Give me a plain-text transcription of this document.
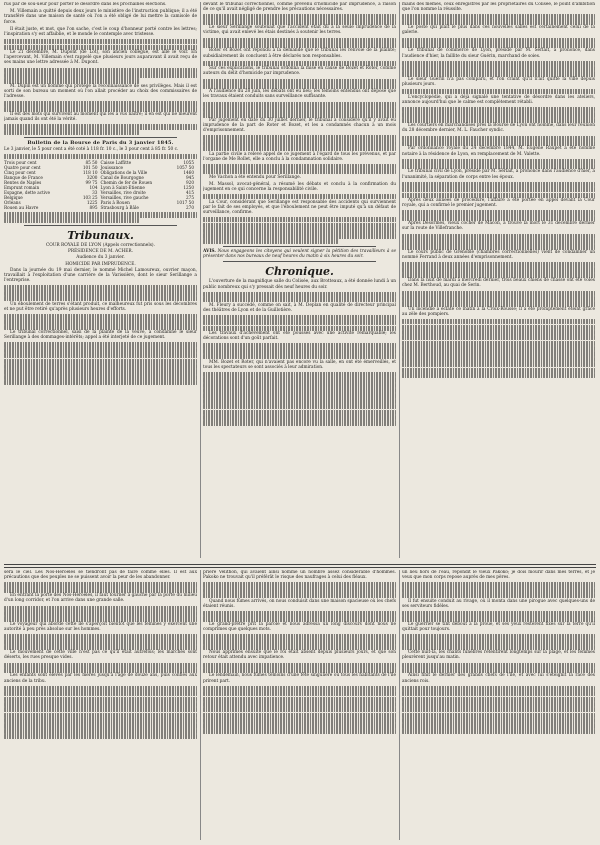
rus par de sou-ueur pour porter le désordre dans les prochaines élections.

M. Villemain a quitté depuis deux jours le ministère de l'instruction publique; il a été transféré dans une maison de santé où l'on a été obligé de lui mettre la camisole de force.

Il était juste, et mot, que l'on sache, c'est le coup d'honneur porté contre les lettres; l'inspiration s'y est affaiblie, et le monde le contemple avec tristesse.

Le 21 décembre, M. Dupont (de Lot), son ancien collègue, est allé le voir. En l'apercevant, M. Villemain s'est rappelé que plusieurs jours auparavant il avait reçu de ses mains une lettre adressée à M. Dupont.

M. Dupin est un homme qui protège la reconnaissance de ses privilèges. Mais il est sorti de son bureau un moment où l'on allait procéder au choix des commissaires de l'adresse.

Il est des mots qui survivent au moment qui les a vus naître; il en est qui ne meurent jamais quand ils ont été la vérité.

Bulletin de la Bourse de Paris du 3 janvier 1845.

Le 3 janvier, le 5 pour cent a été coté à 118 fr. 10 c., le 3 pour cent à 85 fr. 50 c.

Trois pour cent	85 50	Caisse Laffitte	1055
Quatre pour cent	101 50	Jouissance	1057 50
Cinq pour cent	118 10	Obligations de la Ville	1460
Banque de France	3200	Canal de Bourgogne	945
Rentes de Naples	99 75	Chemin de fer de Rouen	920
Emprunt romain	104	Lyon à Saint-Etienne	1250
Espagne, dette active	33	Versailles, rive droite	415
Belgique	103 25	Versailles, rive gauche	275
Orléans	1225	Paris à Rouen	1017 50
Rouen au Havre	895	Strasbourg à Bâle	270
Tribunaux.
COUR ROYALE DE LYON (Appels correctionnels).
PRÉSIDENCE DE M. ACHER.
Audience du 3 janvier.
HOMICIDE PAR IMPRUDENCE.

Dans la journée du 19 mai dernier, le nommé Michel Lamoureux, ouvrier maçon, travaillait à l'exploitation d'une carrière de la Varissière, dont le sieur Serillange a l'entreprise.

Un éboulement de terres s'étant produit, ce malheureux fut pris sous les décombres et ne put être retiré qu'après plusieurs heures d'efforts.

Le tribunal correctionnel, saisi de la plainte de la veuve, a condamné le sieur Serillange à des dommages-intérêts; appel a été interjeté de ce jugement.

devant le tribunal correctionnel, comme prévenu d'homicide par imprudence, à raison de ce qu'il avait négligé de prendre les précautions nécessaires.

Le sieur Serillange soutenait que l'accident était dû à la seule imprudence de la victime, qui avait enlevé les étais destinés à soutenir les terres.

Roter et Bozet ont répondu à la demande que le tribunal les renvoie de la plainte; subsidiairement ils concluent à être déclarés non responsables.

Sur ces explications, le tribunal ordonna la mise en cause de Bozet et Roter, comme auteurs du délit d'homicide par imprudence.

À l'audience du 28 juin, les débats ont eu lieu; les témoins entendus ont déposé que les travaux étaient conduits sans surveillance suffisante.

Par jugement en date du 30 juillet dernier, le tribunal a considéré qu'il y avait eu imprudence de la part de Roter et Bozet, et les a condamnés chacun à un mois d'emprisonnement.

La partie civile a relevé appel de ce jugement à l'égard de tous les prévenus, et par l'organe de Me Rollet, elle a conclu à la condamnation solidaire.

Me Vachon a été entendu pour Serillange.

M. Massol, avocat-général, a résumé les débats et conclu à la confirmation du jugement en ce qui concerne la responsabilité civile.

La Cour, considérant que Serillange est responsable des accidents qui surviennent par le fait de ses employés, et que l'éboulement ne peut être imputé qu'à un défaut de surveillance, confirme.

AVIS. Nous engageons les citoyens qui veulent signer la pétition des travailleurs à se présenter dans nos bureaux de neuf heures du matin à six heures du soir.

Chronique.

L'ouverture de la magnifique salle du Colisée, aux Brotteaux, a été donnée lundi à un public nombreux qui s'y pressait dès neuf heures du soir.

M. Fleury a succédé, comme on sait, à M. Deplan en qualité de directeur principal des théâtres de Lyon et de la Guillotière.

Les travaux d'achèvement ont été poussés avec une activité remarquable; les décorations sont d'un goût parfait.

MM. Bozet et Roter, qui n'avaient pas encore vu la salle, en ont été émerveillés, et tous les spectateurs se sont associés à leur admiration.

mains des mêmes, ceux enregistrés par les propriétaires du Colisée, le point d'ambition que l'on nomme la réussite.

Le poste qui plaît le plus dans ces nouvelles salles est certainement celui de la galerie.

Le tribunal de commerce de Lyon, présidé par M. Sérlait, a prononcé, dans l'audience d'hier, la faillite du sieur Guérin, marchand de soies.

Le sieur Guérin n'a pas comparu, et l'on craint qu'il n'ait quitté la ville depuis plusieurs jours.

L'encyclopédie, qui a déjà signalé une tentative de désordre dans les ateliers, annonce aujourd'hui que le calme est complètement rétabli.

Les courtiers en marchandises près la Bourse de Lyon ont nommé, dans leur réunion du 28 décembre dernier, M. L. Faucher syndic.

Par ordonnance royale du 24 décembre 1844, M. Eugène Raupet a été nommé notaire à la résidence de Lyon, en remplacement de M. Valette.

Le tribunal civil de Lyon, présidé par M. Sérlait, a prononcé dans l'audience d'hier, à l'unanimité, la séparation de corps entre les époux.

Après deux années de procédure, l'affaire a été portée en appel devant la Cour royale, qui a confirmé le premier jugement.

Apres Desormes, vieux cocher de Mâcon, a trouvé la mort le 31 décembre dernier sur la route de Villefranche.

Le cours public de Grenoble (chambres correctionnelles) vient de condamner un nommé Ferrand à deux années d'emprisonnement.

Dans la nuit de mardi à mercredi dernier, trois beaux chiens de chasse ont été volés chez M. Berthoud, au quai de Serin.

Un incendie a éclaté ce matin à la Croix-Rousse; il a été promptement éteint grâce au zèle des pompiers.

sera le ciel. Les Nos-Heroeles se tiendront pas de faire comme elles. Il est aux précautions que des peuples ne se puissent avoir la peur de les abandonner.

En entrant la porte des Nos-Heroeles, il faut tourner à gauche par la porte du milieu d'un long corridor, et l'on arrive dans une grande salle.

Le voyageur qui aborde cette île s'aperçoit bientôt que les femmes y exercent une autorité à peu près absolue sur les hommes.

Le mouvement de cette ville n'est pas ce qu'il était autrefois; les marchés sont déserts, les rues presque vides.

Les enfants sont élevés par les mères jusqu'à l'âge de douze ans, puis confiés aux anciens de la tribu.

prière Vélithon, qui avaient ainsi nommé un nombre assez considérable d'hommes. Pakoko ne trouvait qu'il préférât le risque des naufrages à celui des fléaux.

Quand nous fûmes arrivés, on nous conduisit dans une maison spacieuse où les chefs étaient réunis.

Le grand-prêtre prit la parole et nous adressa un long discours dont nous ne comprîmes que quelques mots.

Nous apprîmes ensuite que le roi était absent depuis plusieurs jours, et que son retour était attendu avec impatience.

Le lendemain, nous fûmes témoins d'une fête singulière où tous les habitants de l'île prirent part.

un lieu hors de l'eau, répondit le vieux Pakoko; je dois mourir dans mes terres, et je veux que mon corps repose auprès de mes pères.

Il fut ensuite conduit au rivage, où il monta dans une pirogue avec quelques-uns de ses serviteurs fidèles.

Le guerrier se tint debout à la proue, et ses yeux restèrent fixés sur la terre qu'il quittait pour toujours.

Cette nuit-là, les chants funèbres retentirent longtemps sur la plage, et les femmes pleurèrent jusqu'au matin.

Ainsi finit le dernier des grands chefs de l'île, et avec lui s'éteignit la race des anciens rois.
